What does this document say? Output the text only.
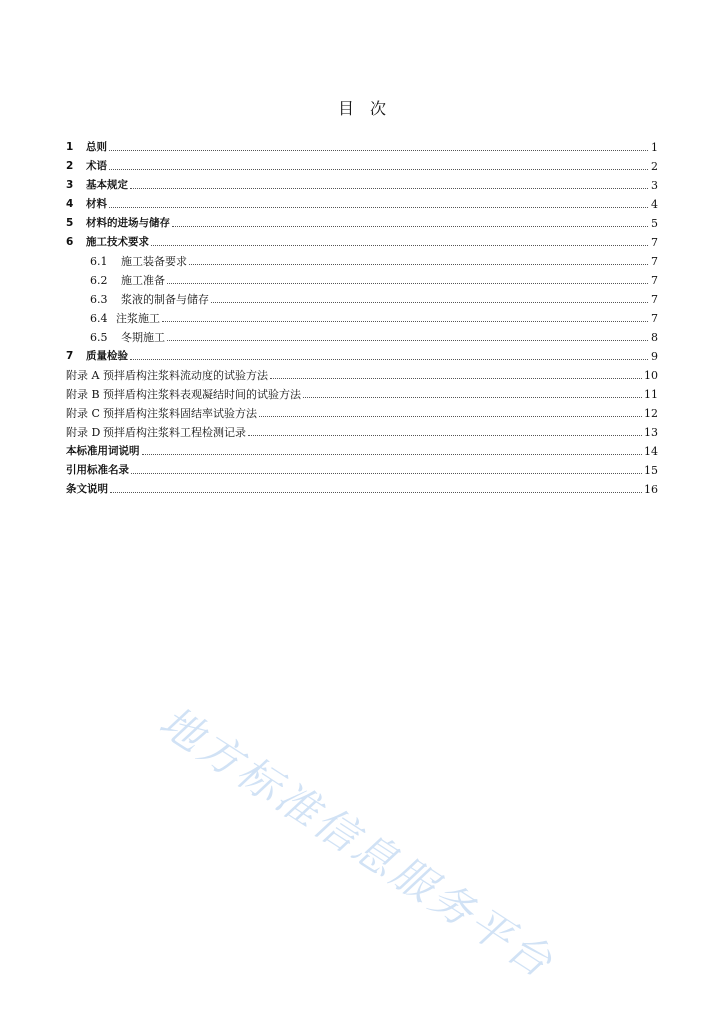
目　次
1 总则	1
2 术语	2
3 基本规定	3
4 材料	4
5 材料的进场与储存	5
6 施工技术要求	7
6.1 施工装备要求	7
6.2 施工准备	7
6.3 浆液的制备与储存	7
6.4 注浆施工	7
6.5 冬期施工	8
7 质量检验	9
附录 A 预拌盾构注浆料流动度的试验方法	10
附录 B 预拌盾构注浆料表观凝结时间的试验方法	11
附录 C 预拌盾构注浆料固结率试验方法	12
附录 D 预拌盾构注浆料工程检测记录	13
本标准用词说明	14
引用标准名录	15
条文说明	16
地方标准信息服务平台
